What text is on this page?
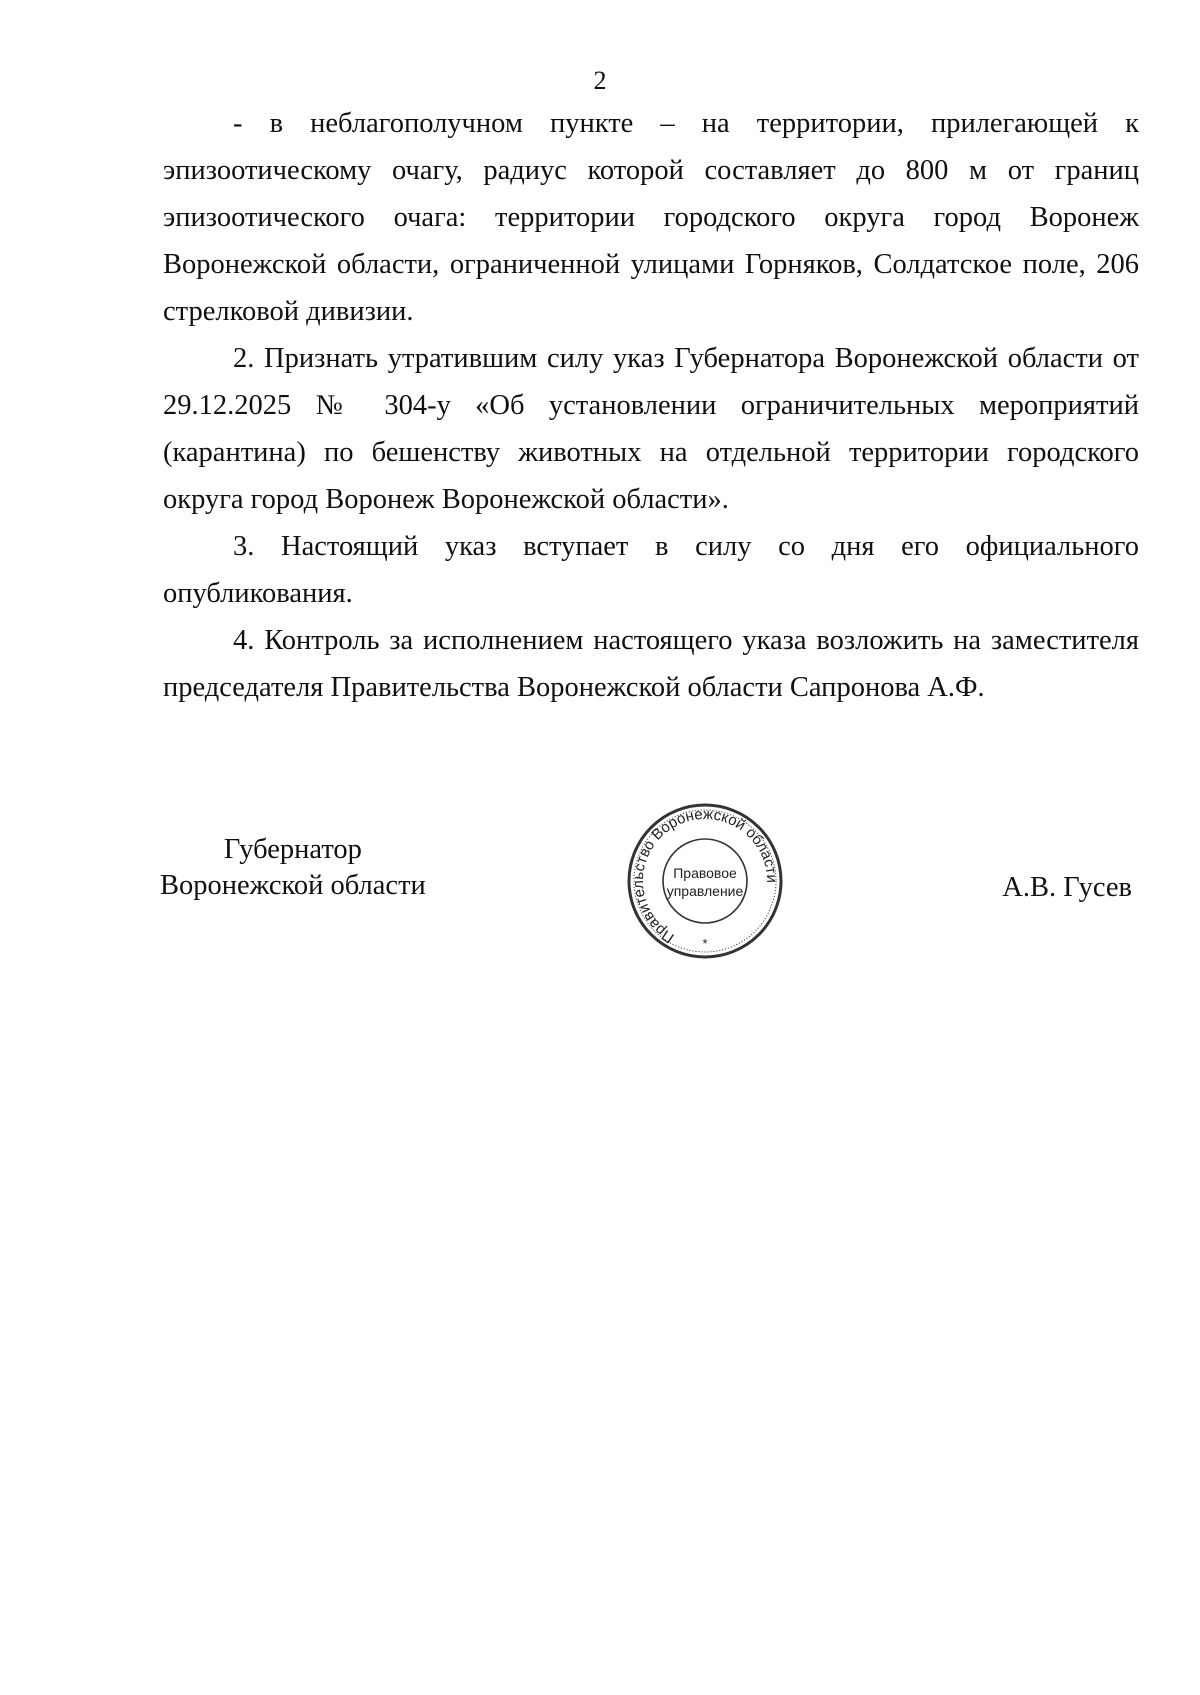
2

- в неблагополучном пункте – на территории, прилегающей к эпизоотическому очагу, радиус которой составляет до 800 м от границ эпизоотического очага: территории городского округа город Воронеж Воронежской области, ограниченной улицами Горняков, Солдатское поле, 206 стрелковой дивизии.

2. Признать утратившим силу указ Губернатора Воронежской области от 29.12.2025 № 304-у «Об установлении ограничительных мероприятий (карантина) по бешенству животных на отдельной территории городского округа город Воронеж Воронежской области».

3. Настоящий указ вступает в силу со дня его официального опубликования.

4. Контроль за исполнением настоящего указа возложить на заместителя председателя Правительства Воронежской области Сапронова А.Ф.

Губернатор
Воронежской области
Правительство Воронежской области
Правовое
управление
*
А.В. Гусев
